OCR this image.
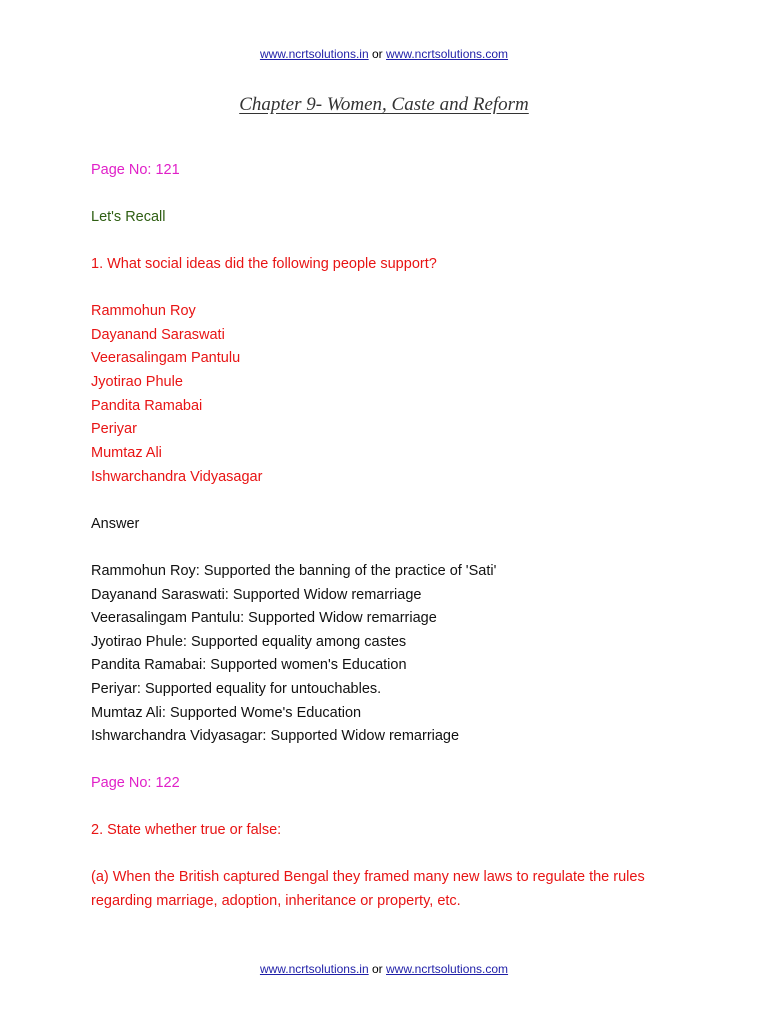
www.ncrtsolutions.in or www.ncrtsolutions.com
Chapter 9- Women, Caste and Reform
Page No: 121
Let's Recall
1. What social ideas did the following people support?
Rammohun Roy
Dayanand Saraswati
Veerasalingam Pantulu
Jyotirao Phule
Pandita Ramabai
Periyar
Mumtaz Ali
Ishwarchandra Vidyasagar
Answer
Rammohun Roy: Supported the banning of the practice of 'Sati'
Dayanand Saraswati: Supported Widow remarriage
Veerasalingam Pantulu: Supported Widow remarriage
Jyotirao Phule: Supported equality among castes
Pandita Ramabai: Supported women's Education
Periyar: Supported equality for untouchables.
Mumtaz Ali: Supported Wome's Education
Ishwarchandra Vidyasagar: Supported Widow remarriage
Page No: 122
2. State whether true or false:
(a) When the British captured Bengal they framed many new laws to regulate the rules regarding marriage, adoption, inheritance or property, etc.
www.ncrtsolutions.in or www.ncrtsolutions.com
